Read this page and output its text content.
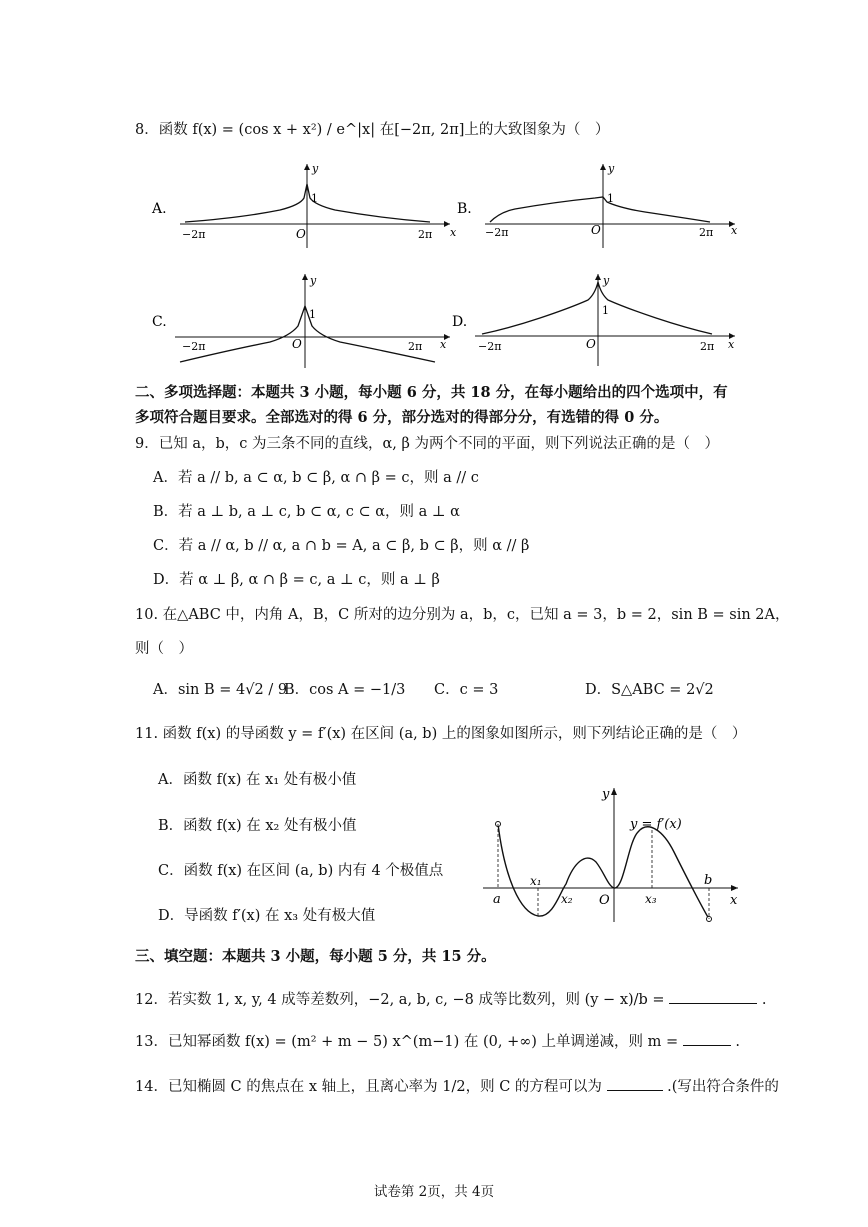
8．函数 f(x) = (cos x + x²) / e^|x| 在[−2π, 2π]上的大致图象为（　）
A.
1
y
O
−2π	2π x
B.
1
y
O
−2π	2π x
C.	1
y
O
−2π	2π x
D.
1
y
O
−2π	2π x
二、多项选择题：本题共 3 小题，每小题 6 分，共 18 分，在每小题给出的四个选项中，有
多项符合题目要求。全部选对的得 6 分，部分选对的得部分分，有选错的得 0 分。
9．已知 a，b，c 为三条不同的直线，α, β 为两个不同的平面，则下列说法正确的是（　）
A．若 a // b, a ⊂ α, b ⊂ β, α ∩ β = c，则 a // c
B．若 a ⊥ b, a ⊥ c, b ⊂ α, c ⊂ α，则 a ⊥ α
C．若 a // α, b // α, a ∩ b = A, a ⊂ β, b ⊂ β，则 α // β
D．若 α ⊥ β, α ∩ β = c, a ⊥ c，则 a ⊥ β
10. 在△ABC 中，内角 A，B，C 所对的边分别为 a，b，c，已知 a = 3，b = 2，sin B = sin 2A，
则（　）
A．sin B = 4√2 / 9
B．cos A = −1/3 C．c = 3	D．S△ABC = 2√2
11. 函数 f(x) 的导函数 y = f′(x) 在区间 (a, b) 上的图象如图所示，则下列结论正确的是（　）
A．函数 f(x) 在 x₁ 处有极小值
B．函数 f(x) 在 x₂ 处有极小值
C．函数 f(x) 在区间 (a, b) 内有 4 个极值点
D．导函数 f′(x) 在 x₃ 处有极大值
y
x
y = f′(x)
a
x₁
x₂ O	x₃
b
三、填空题：本题共 3 小题，每小题 5 分，共 15 分。
12．若实数 1, x, y, 4 成等差数列，−2, a, b, c, −8 成等比数列，则 (y − x)/b =	.
13．已知幂函数 f(x) = (m² + m − 5) x^(m−1) 在 (0, +∞) 上单调递减，则 m =	.
14．已知椭圆 C 的焦点在 x 轴上，且离心率为 1/2，则 C 的方程可以为	.(写出符合条件的
试卷第 2页，共 4页
